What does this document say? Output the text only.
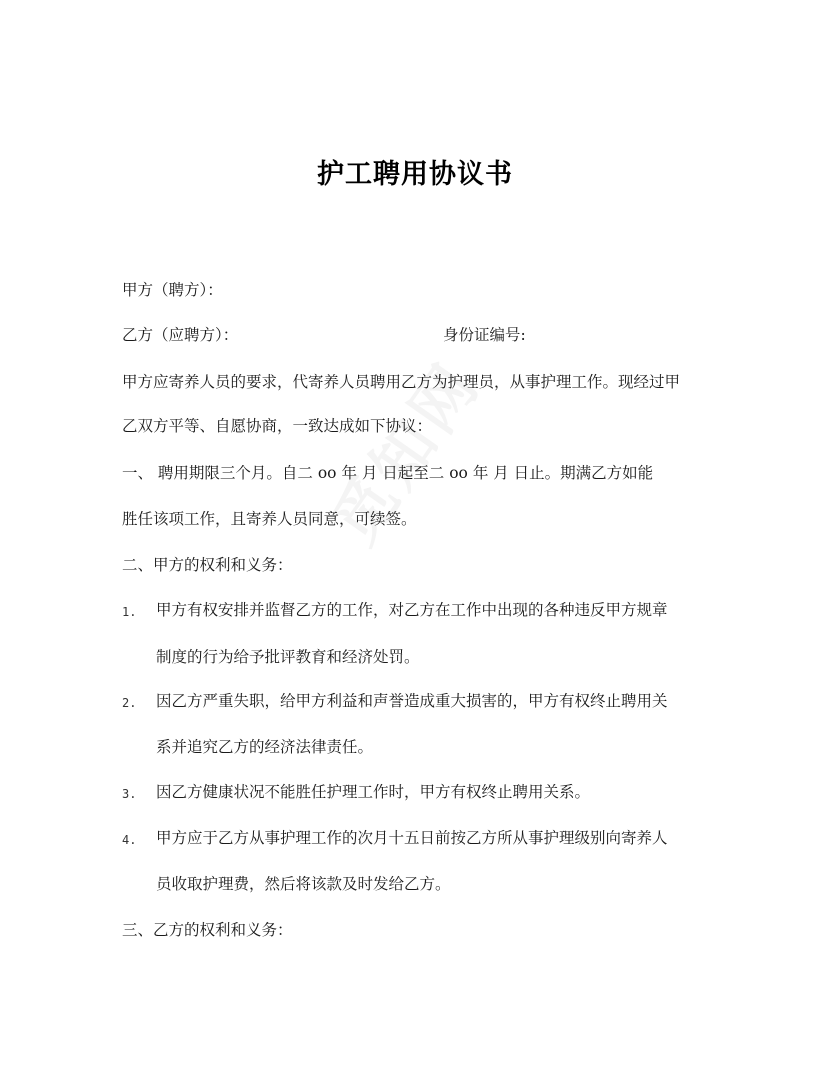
护工聘用协议书
甲方（聘方）：
乙方（应聘方）：	身份证编号:
甲方应寄养人员的要求，代寄养人员聘用乙方为护理员，从事护理工作。现经过甲
乙双方平等、自愿协商，一致达成如下协议：
一、 聘用期限三个月。自二 oo 年 月 日起至二 oo 年 月 日止。期满乙方如能
胜任该项工作，且寄养人员同意，可续签。
二、甲方的权利和义务：
1. 甲方有权安排并监督乙方的工作，对乙方在工作中出现的各种违反甲方规章
制度的行为给予批评教育和经济处罚。
2. 因乙方严重失职，给甲方利益和声誉造成重大损害的，甲方有权终止聘用关
系并追究乙方的经济法律责任。
3. 因乙方健康状况不能胜任护理工作时，甲方有权终止聘用关系。
4. 甲方应于乙方从事护理工作的次月十五日前按乙方所从事护理级别向寄养人
员收取护理费，然后将该款及时发给乙方。
三、乙方的权利和义务：
